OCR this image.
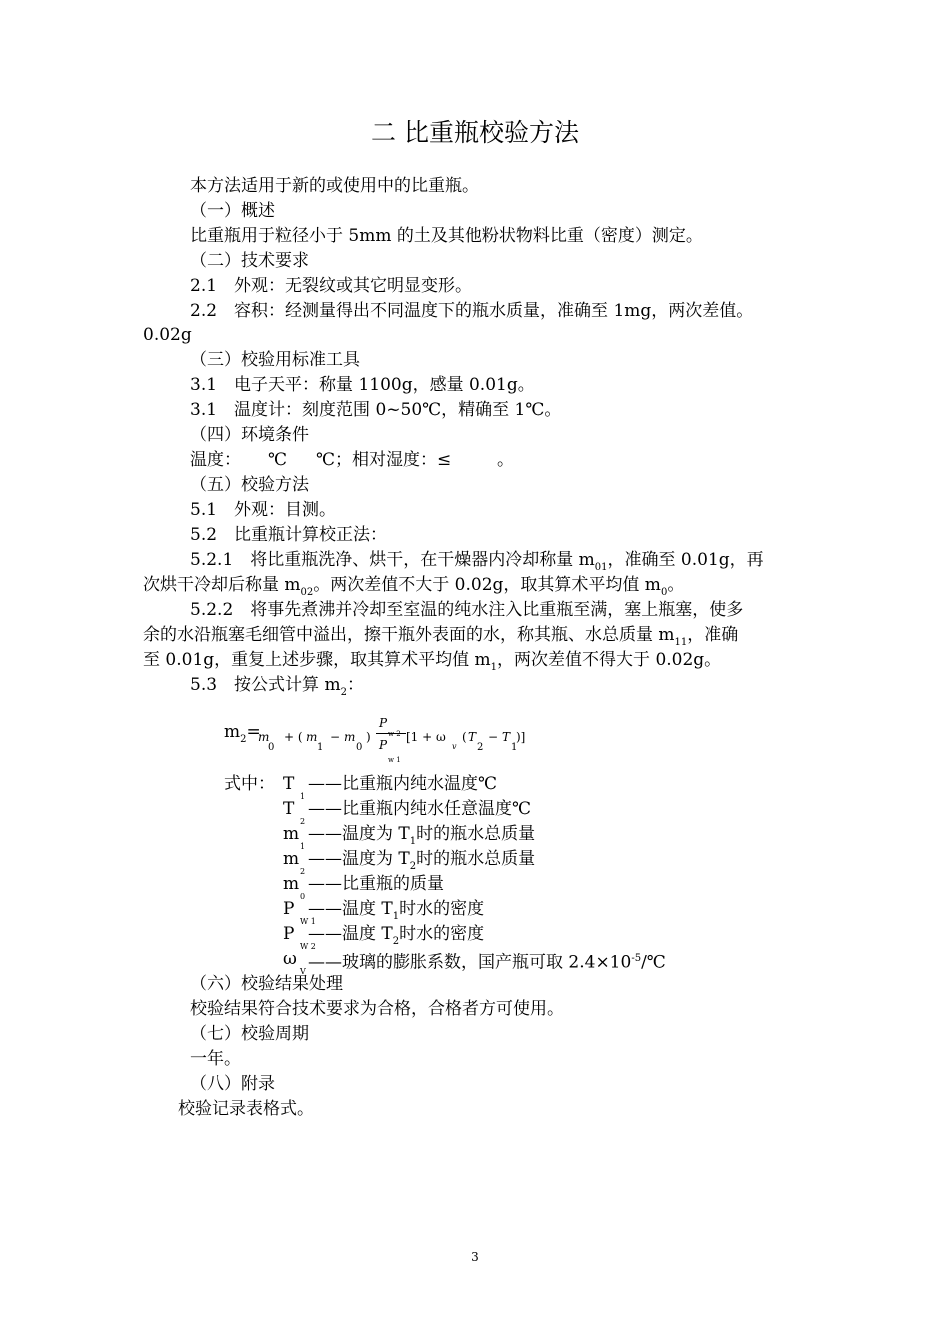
二 比重瓶校验方法
本方法适用于新的或使用中的比重瓶。
（一）概述
比重瓶用于粒径小于 5mm 的土及其他粉状物料比重（密度）测定。
（二）技术要求
2.1　外观：无裂纹或其它明显变形。
2.2　容积：经测量得出不同温度下的瓶水质量，准确至 1mg，两次差值。
0.02g
（三）校验用标准工具
3.1　电子天平：称量 1100g，感量 0.01g。
3.1　温度计：刻度范围 0~50℃，精确至 1℃。
（四）环境条件
温度： ℃ ℃；相对湿度：≤	。
（五）校验方法
5.1　外观：目测。
5.2　比重瓶计算校正法：
5.2.1　将比重瓶洗净、烘干，在干燥器内冷却称量 $m_{01}$，准确至 0.01g，再
次烘干冷却后称量 $m_{02}$。两次差值不大于 0.02g，取其算术平均值 $m_0$。
5.2.2　将事先煮沸并冷却至室温的纯水注入比重瓶至满，塞上瓶塞，使多
余的水沿瓶塞毛细管中溢出，擦干瓶外表面的水，称其瓶、水总质量 $m_{11}$，准确
至 0.01g，重复上述步骤，取其算术平均值 $m_1$，两次差值不得大于 0.02g。
5.3　按公式计算 $m_2$：
$m_2=$
m
0
+ ( m
1
− m
0
)
P
w 2
P
w 1
[1 + ω
v
( T
2
− T
1
)]
式中： T
1
——比重瓶内纯水温度℃
T
2
——比重瓶内纯水任意温度℃
m
1
——温度为 $T_1$时的瓶水总质量
m
2
——温度为 $T_2$时的瓶水总质量
m
0
——比重瓶的质量
P
W 1
——温度 $T_1$时水的密度
P
W 2
——温度 $T_2$时水的密度
ω
V ——玻璃的膨胀系数，国产瓶可取 $2.4\times 10^{-5}/℃$
（六）校验结果处理
校验结果符合技术要求为合格，合格者方可使用。
（七）校验周期
一年。
（八）附录
校验记录表格式。
3
